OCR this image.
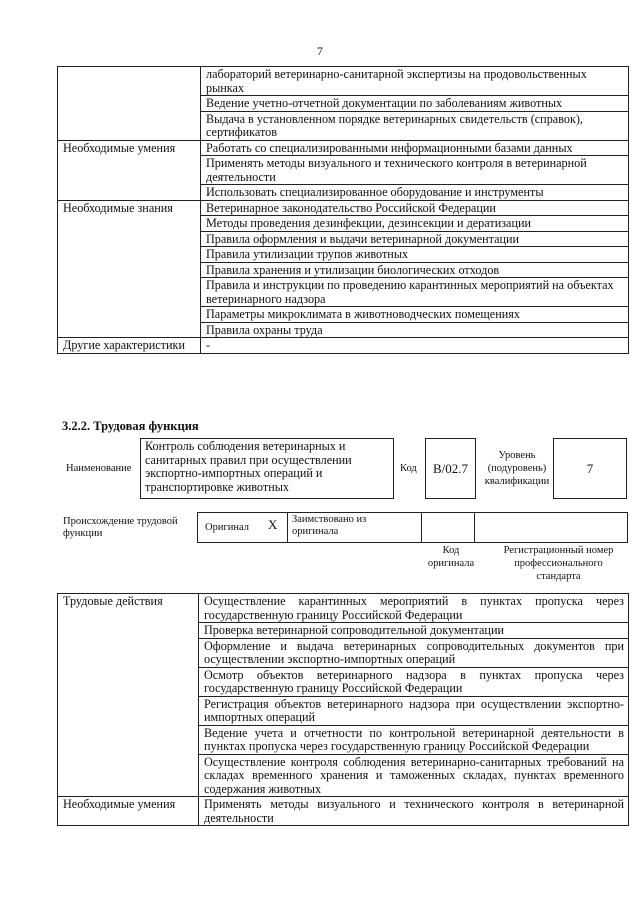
7
	лабораторий ветеринарно-санитарной экспертизы на продовольственных рынках
	Ведение учетно-отчетной документации по заболеваниям животных
	Выдача в установленном порядке ветеринарных свидетельств (справок), сертификатов
Необходимые умения	Работать со специализированными информационными базами данных
	Применять методы визуального и технического контроля в ветеринарной деятельности
	Использовать специализированное оборудование и инструменты
Необходимые знания	Ветеринарное законодательство Российской Федерации
	Методы проведения дезинфекции, дезинсекции и дератизации
	Правила оформления и выдачи ветеринарной документации
	Правила утилизации трупов животных
	Правила хранения и утилизации биологических отходов
	Правила и инструкции по проведению карантинных мероприятий на объектах ветеринарного надзора
	Параметры микроклимата в животноводческих помещениях
	Правила охраны труда
Другие характеристики	-
3.2.2. Трудовая функция
Наименование
Контроль соблюдения ветеринарных и санитарных правил при осуществлении экспортно-импортных операций и транспортировке животных
Код	B/02.7
Уровень (подуровень) квалификации
7
Происхождение трудовой функции
Оригинал X Заимствовано из оригинала
Код оригинала
Регистрационный номер профессионального стандарта
Трудовые действия	Осуществление карантинных мероприятий в пунктах пропуска через государственную границу Российской Федерации
	Проверка ветеринарной сопроводительной документации
	Оформление и выдача ветеринарных сопроводительных документов при осуществлении экспортно-импортных операций
	Осмотр объектов ветеринарного надзора в пунктах пропуска через государственную границу Российской Федерации
	Регистрация объектов ветеринарного надзора при осуществлении экспортно-импортных операций
	Ведение учета и отчетности по контрольной ветеринарной деятельности в пунктах пропуска через государственную границу Российской Федерации
	Осуществление контроля соблюдения ветеринарно-санитарных требований на складах временного хранения и таможенных складах, пунктах временного содержания животных
Необходимые умения	Применять методы визуального и технического контроля в ветеринарной деятельности
